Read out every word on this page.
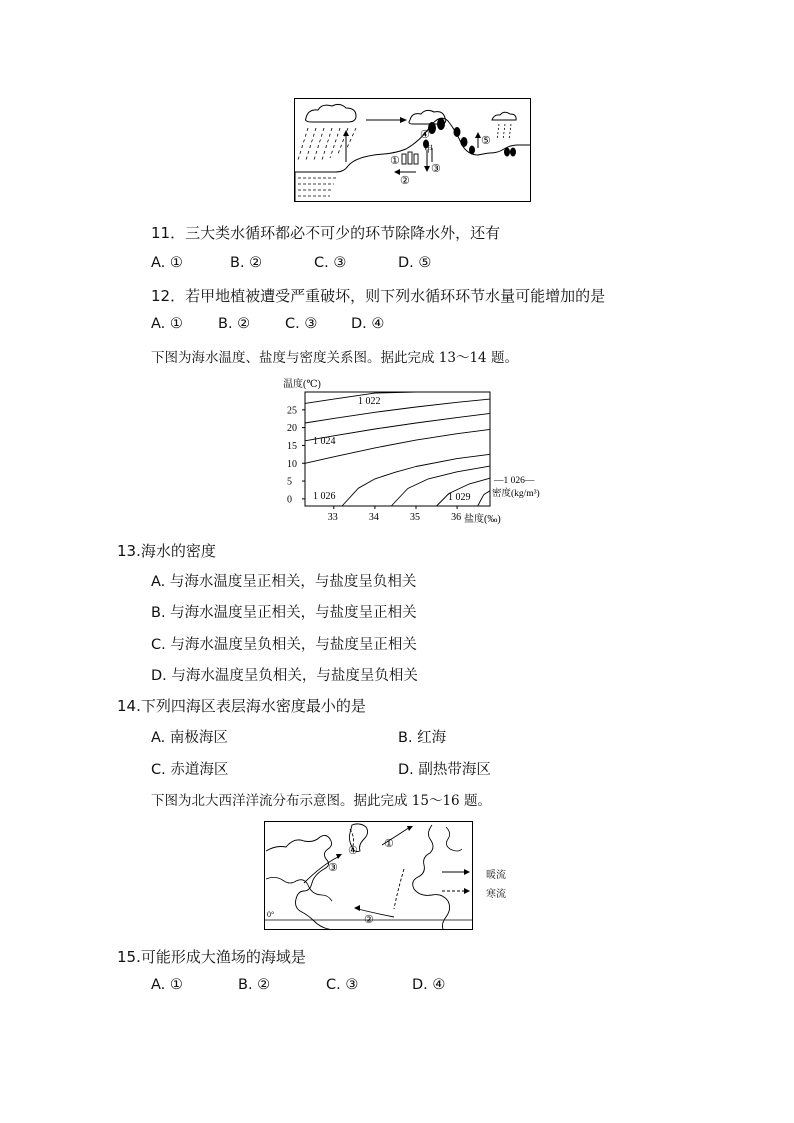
④	⑤
①
甲
②
③
11．三大类水循环都必不可少的环节除降水外，还有
A. ①	B. ②	C. ③	D. ⑤
12．若甲地植被遭受严重破坏，则下列水循环环节水量可能增加的是
A. ① B. ② C. ③ D. ④
下图为海水温度、盐度与密度关系图。据此完成 13～14 题。
温度(℃)
盐度(‰)
密度(kg/m³)
1 022
1 024
1 026	1 029
—1 026—
33	34	35	36
25
20
15
10
5
0
13.海水的密度
A. 与海水温度呈正相关，与盐度呈负相关
B. 与海水温度呈正相关，与盐度呈正相关
C. 与海水温度呈负相关，与盐度呈正相关
D. 与海水温度呈负相关，与盐度呈负相关
14.下列四海区表层海水密度最小的是
A. 南极海区	B. 红海
C. 赤道海区	D. 副热带海区
下图为北大西洋洋流分布示意图。据此完成 15～16 题。
0°
④
①
③
②
暖流
寒流
15.可能形成大渔场的海域是
A. ①	B. ②	C. ③	D. ④
